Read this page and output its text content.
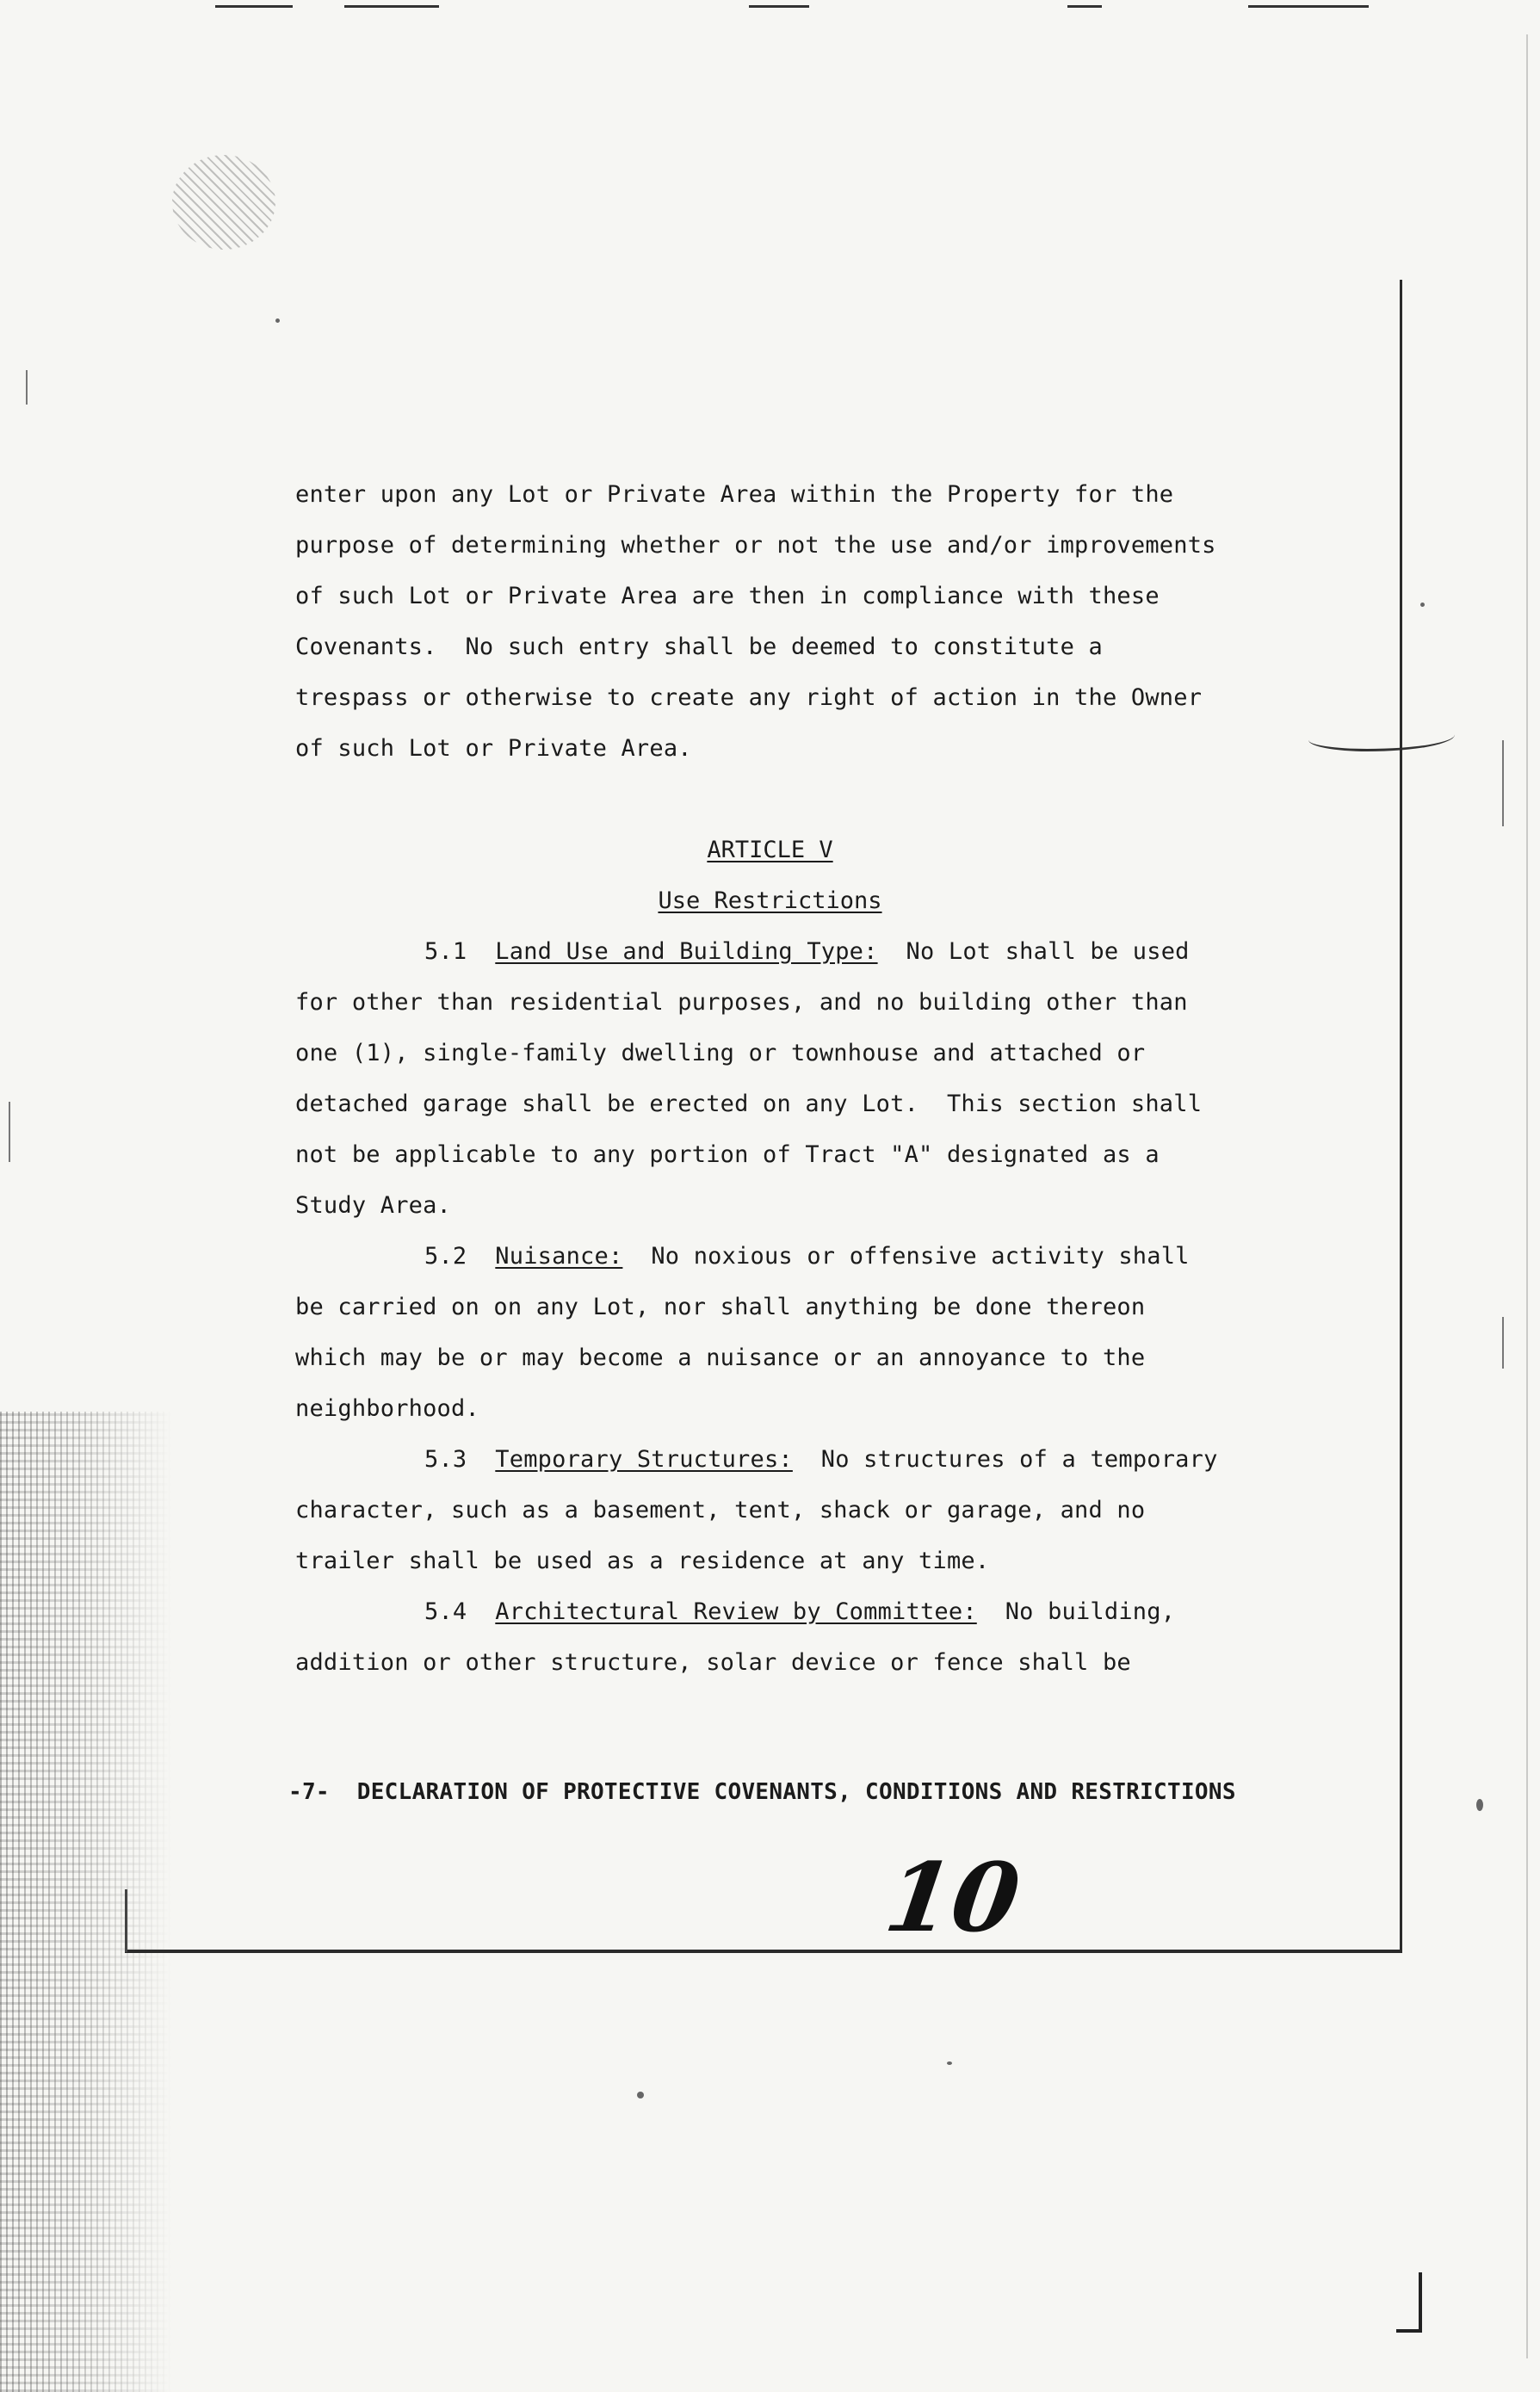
enter upon any Lot or Private Area within the Property for the
purpose of determining whether or not the use and/or improvements
of such Lot or Private Area are then in compliance with these
Covenants.  No such entry shall be deemed to constitute a
trespass or otherwise to create any right of action in the Owner
of such Lot or Private Area.
ARTICLE V
Use Restrictions
5.1 Land Use and Building Type: No Lot shall be used
for other than residential purposes, and no building other than
one (1), single-family dwelling or townhouse and attached or
detached garage shall be erected on any Lot.  This section shall
not be applicable to any portion of Tract "A" designated as a
Study Area.
5.2 Nuisance: No noxious or offensive activity shall
be carried on on any Lot, nor shall anything be done thereon
which may be or may become a nuisance or an annoyance to the
neighborhood.
5.3 Temporary Structures: No structures of a temporary
character, such as a basement, tent, shack or garage, and no
trailer shall be used as a residence at any time.
5.4 Architectural Review by Committee: No building,
addition or other structure, solar device or fence shall be
-7-  DECLARATION OF PROTECTIVE COVENANTS, CONDITIONS AND RESTRICTIONS
10
